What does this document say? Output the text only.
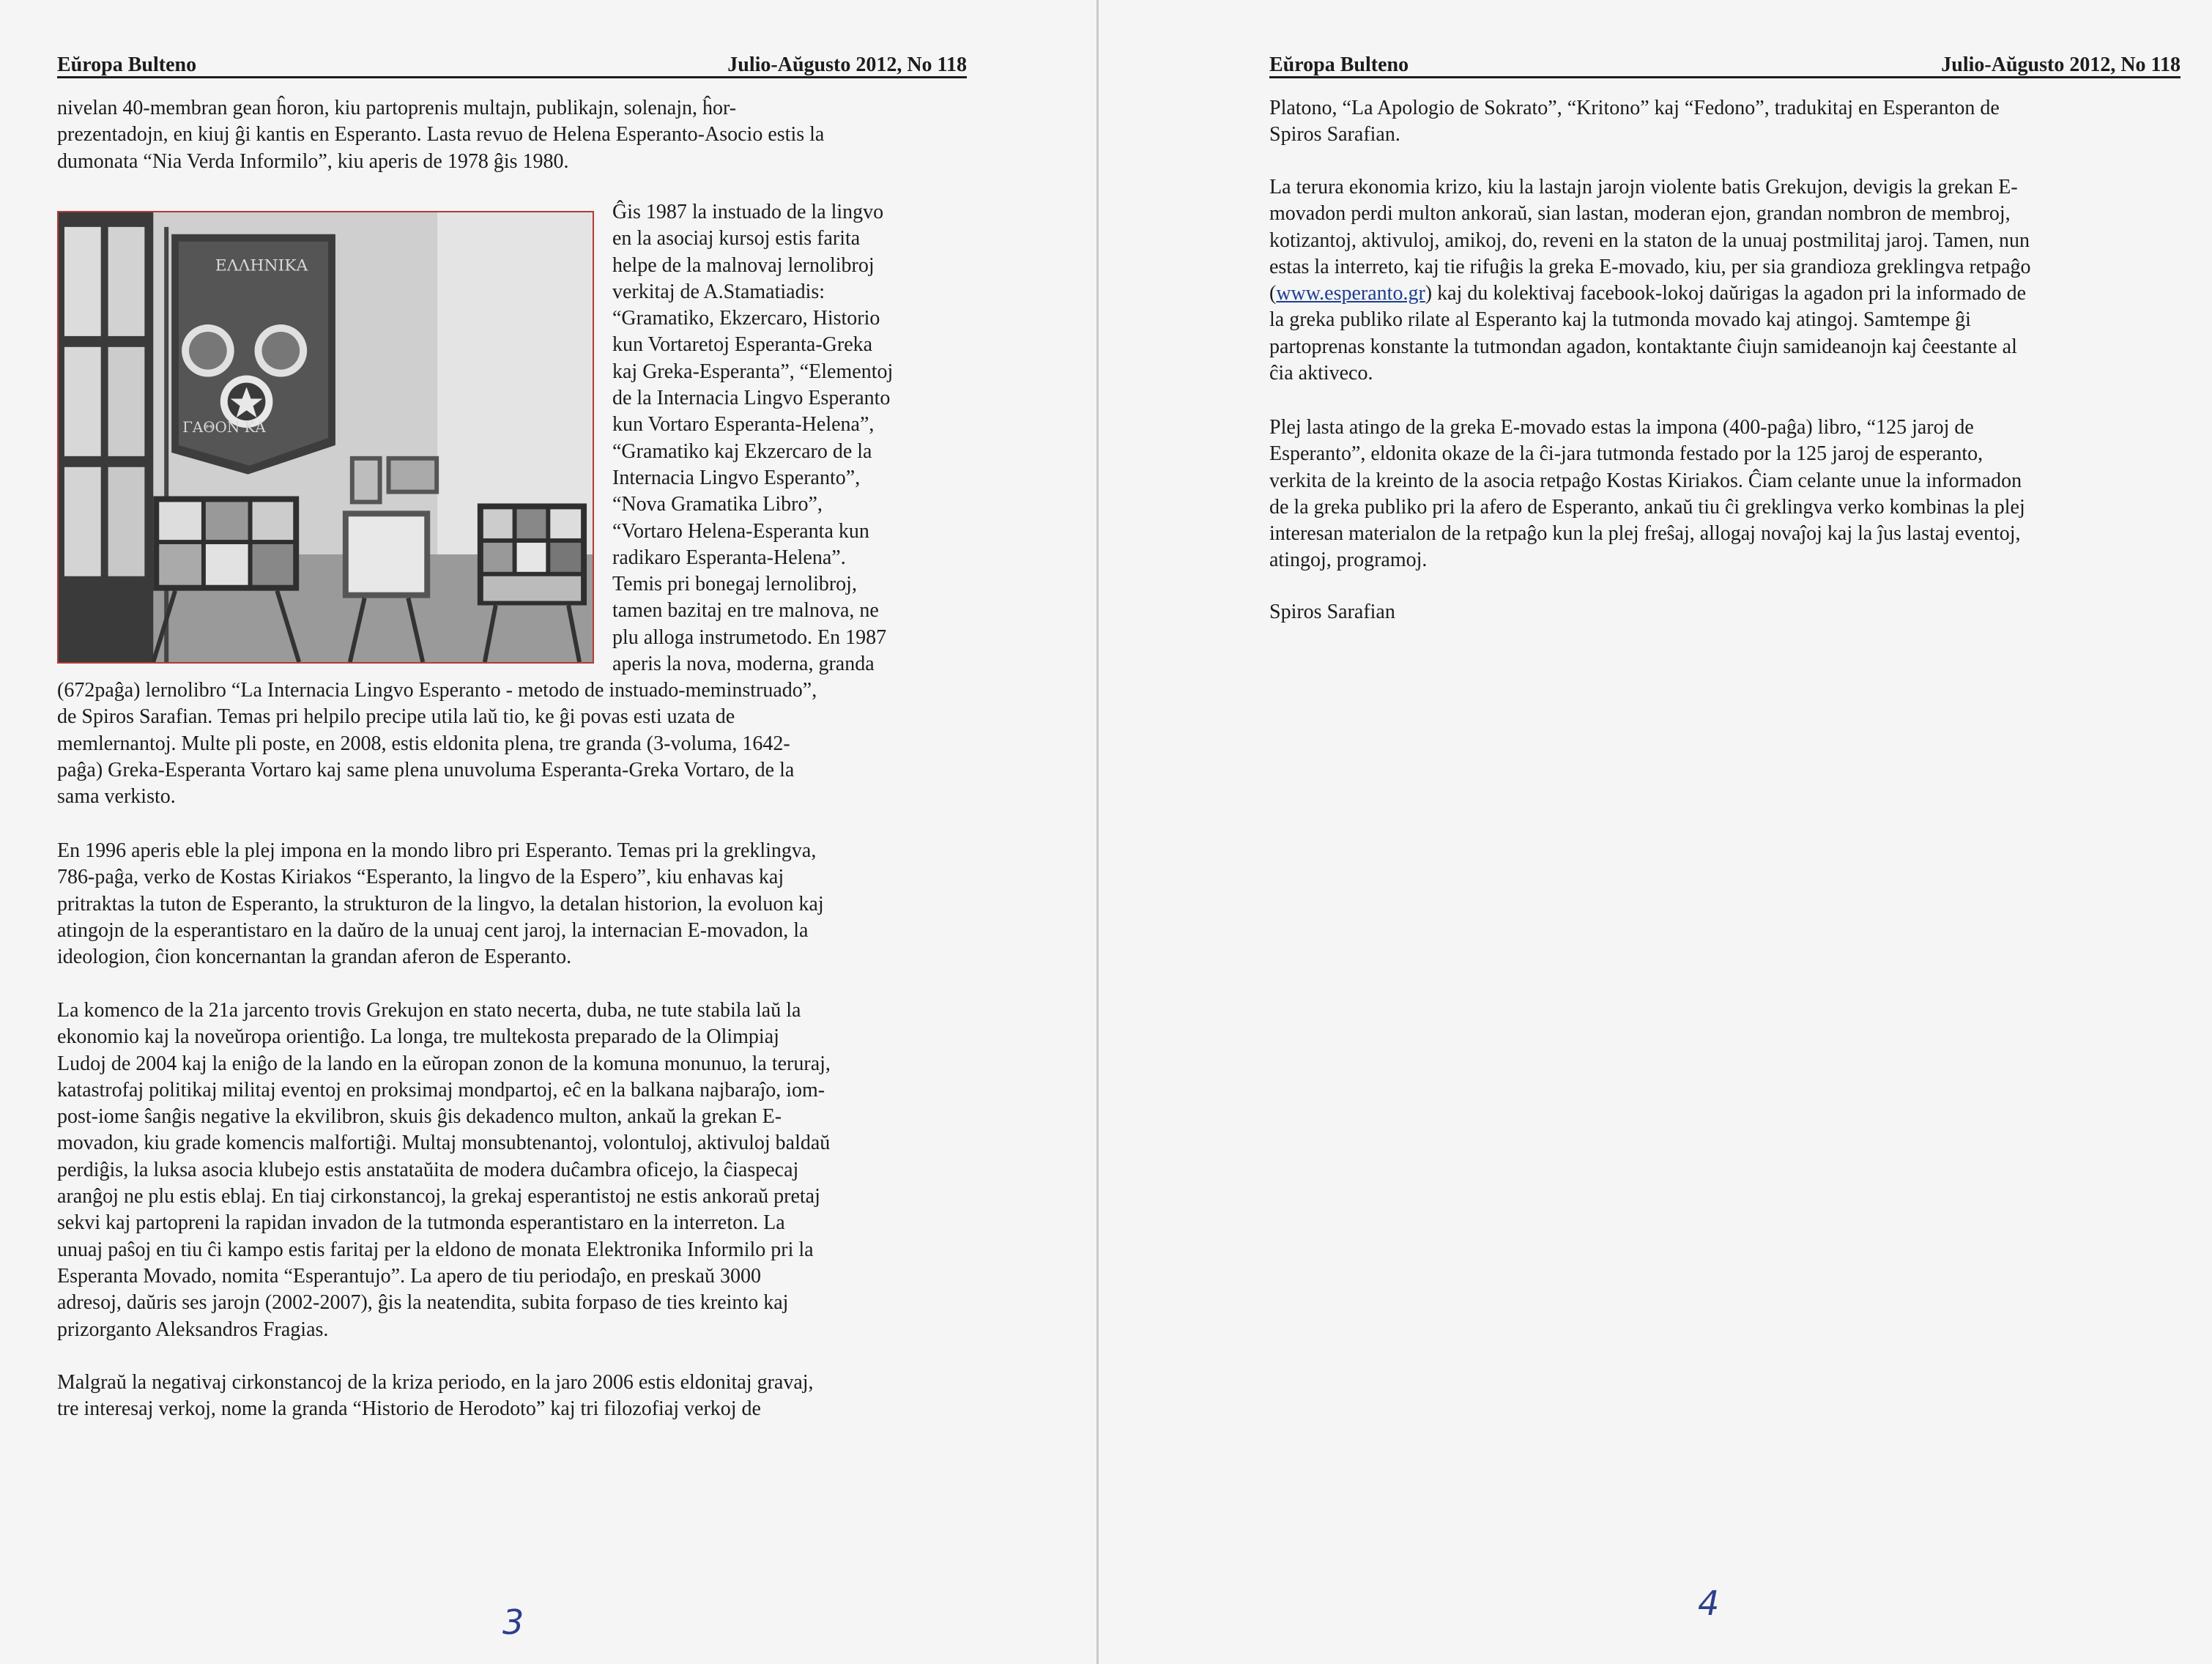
Eŭropa Bulteno	Julio-Aŭgusto 2012, No 118

nivelan 40-membran gean ĥoron, kiu partoprenis multajn, publikajn, solenajn, ĥor-
prezentadojn, en kiuj ĝi kantis en Esperanto. Lasta revuo de Helena Esperanto-Asocio estis la
dumonata “Nia Verda Informilo”, kiu aperis de 1978 ĝis 1980.

ΕΛΛΗΝΙΚΑ
ΓΑΘΟΝ ΚΑ

Ĝis 1987 la instuado de la lingvo
en la asociaj kursoj estis farita
helpe de la malnovaj lernolibroj
verkitaj de A.Stamatiadis:
“Gramatiko, Ekzercaro, Historio
kun Vortaretoj Esperanta-Greka
kaj Greka-Esperanta”, “Elementoj
de la Internacia Lingvo Esperanto
kun Vortaro Esperanta-Helena”,
“Gramatiko kaj Ekzercaro de la
Internacia Lingvo Esperanto”,
“Nova Gramatika Libro”,
“Vortaro Helena-Esperanta kun
radikaro Esperanta-Helena”.
Temis pri bonegaj lernolibroj,
tamen bazitaj en tre malnova, ne
plu alloga instrumetodo. En 1987
aperis la nova, moderna, granda

(672paĝa) lernolibro “La Internacia Lingvo Esperanto - metodo de instuado-meminstruado”,
de Spiros Sarafian. Temas pri helpilo precipe utila laŭ tio, ke ĝi povas esti uzata de
memlernantoj. Multe pli poste, en 2008, estis eldonita plena, tre granda (3-voluma, 1642-
paĝa) Greka-Esperanta Vortaro kaj same plena unuvoluma Esperanta-Greka Vortaro, de la
sama verkisto.

En 1996 aperis eble la plej impona en la mondo libro pri Esperanto. Temas pri la greklingva,
786-paĝa, verko de Kostas Kiriakos “Esperanto, la lingvo de la Espero”, kiu enhavas kaj
pritraktas la tuton de Esperanto, la strukturon de la lingvo, la detalan historion, la evoluon kaj
atingojn de la esperantistaro en la daŭro de la unuaj cent jaroj, la internacian E-movadon, la
ideologion, ĉion koncernantan la grandan aferon de Esperanto.

La komenco de la 21a jarcento trovis Grekujon en stato necerta, duba, ne tute stabila laŭ la
ekonomio kaj la noveŭropa orientiĝo. La longa, tre multekosta preparado de la Olimpiaj
Ludoj de 2004 kaj la eniĝo de la lando en la eŭropan zonon de la komuna monunuo, la teruraj,
katastrofaj politikaj militaj eventoj en proksimaj mondpartoj, eĉ en la balkana najbaraĵo, iom-
post-iome ŝanĝis negative la ekvilibron, skuis ĝis dekadenco multon, ankaŭ la grekan E-
movadon, kiu grade komencis malfortiĝi. Multaj monsubtenantoj, volontuloj, aktivuloj baldaŭ
perdiĝis, la luksa asocia klubejo estis anstataŭita de modera duĉambra oficejo, la ĉiaspecaj
aranĝoj ne plu estis eblaj. En tiaj cirkonstancoj, la grekaj esperantistoj ne estis ankoraŭ pretaj
sekvi kaj partopreni la rapidan invadon de la tutmonda esperantistaro en la interreton. La
unuaj paŝoj en tiu ĉi kampo estis faritaj per la eldono de monata Elektronika Informilo pri la
Esperanta Movado, nomita “Esperantujo”. La apero de tiu periodaĵo, en preskaŭ 3000
adresoj, daŭris ses jarojn (2002-2007), ĝis la neatendita, subita forpaso de ties kreinto kaj
prizorganto Aleksandros Fragias.

Malgraŭ la negativaj cirkonstancoj de la kriza periodo, en la jaro 2006 estis eldonitaj gravaj,
tre interesaj verkoj, nome la granda “Historio de Herodoto” kaj tri filozofiaj verkoj de

3
Eŭropa Bulteno	Julio-Aŭgusto 2012, No 118

Platono, “La Apologio de Sokrato”, “Kritono” kaj “Fedono”, tradukitaj en Esperanton de
Spiros Sarafian.

La terura ekonomia krizo, kiu la lastajn jarojn violente batis Grekujon, devigis la grekan E-
movadon perdi multon ankoraŭ, sian lastan, moderan ejon, grandan nombron de membroj,
kotizantoj, aktivuloj, amikoj, do, reveni en la staton de la unuaj postmilitaj jaroj. Tamen, nun
estas la interreto, kaj tie rifuĝis la greka E-movado, kiu, per sia grandioza greklingva retpaĝo
(www.esperanto.gr) kaj du kolektivaj facebook-lokoj daŭrigas la agadon pri la informado de
la greka publiko rilate al Esperanto kaj la tutmonda movado kaj atingoj. Samtempe ĝi
partoprenas konstante la tutmondan agadon, kontaktante ĉiujn samideanojn kaj ĉeestante al
ĉia aktiveco.

Plej lasta atingo de la greka E-movado estas la impona (400-paĝa) libro, “125 jaroj de
Esperanto”, eldonita okaze de la ĉi-jara tutmonda festado por la 125 jaroj de esperanto,
verkita de la kreinto de la asocia retpaĝo Kostas Kiriakos. Ĉiam celante unue la informadon
de la greka publiko pri la afero de Esperanto, ankaŭ tiu ĉi greklingva verko kombinas la plej
interesan materialon de la retpaĝo kun la plej freŝaj, allogaj novaĵoj kaj la ĵus lastaj eventoj,
atingoj, programoj.

Spiros Sarafian

4
